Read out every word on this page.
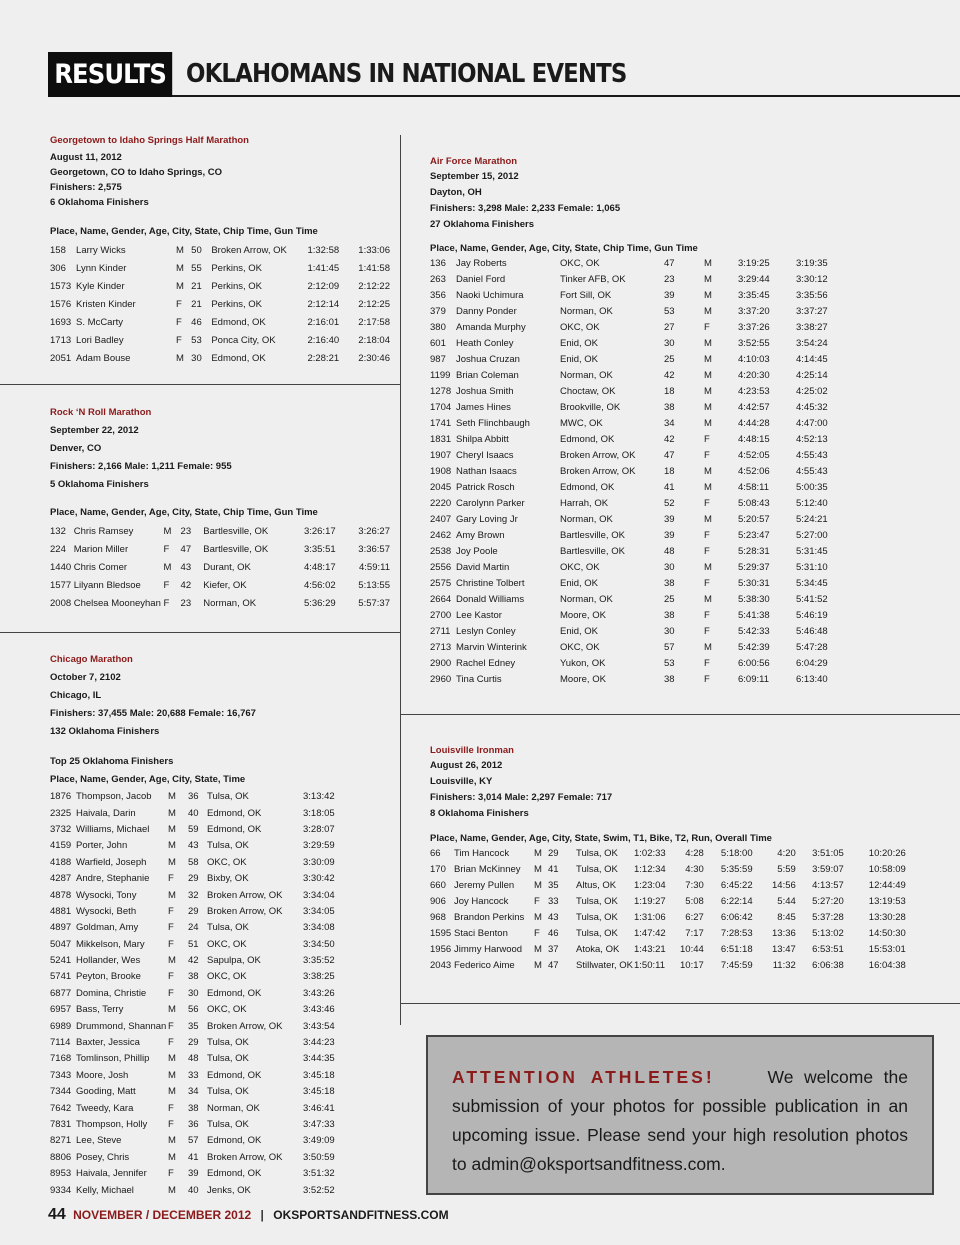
RESULTS OKLAHOMANS IN NATIONAL EVENTS
Georgetown to Idaho Springs Half Marathon
August 11, 2012
Georgetown, CO to Idaho Springs, CO
Finishers: 2,575
6 Oklahoma Finishers
Place, Name, Gender, Age, City, State, Chip Time, Gun Time
158	Larry Wicks	M	50	Broken Arrow, OK	1:32:58	1:33:06
306	Lynn Kinder	M	55	Perkins, OK	1:41:45	1:41:58
1573	Kyle Kinder	M	21	Perkins, OK	2:12:09	2:12:22
1576	Kristen Kinder	F	21	Perkins, OK	2:12:14	2:12:25
1693	S. McCarty	F	46	Edmond, OK	2:16:01	2:17:58
1713	Lori Badley	F	53	Ponca City, OK	2:16:40	2:18:04
2051	Adam Bouse	M	30	Edmond, OK	2:28:21	2:30:46
Rock ‘N Roll Marathon
September 22, 2012
Denver, CO
Finishers: 2,166 Male: 1,211 Female: 955
5 Oklahoma Finishers
Place, Name, Gender, Age, City, State, Chip Time, Gun Time
132	Chris Ramsey	M	23	Bartlesville, OK	3:26:17	3:26:27
224	Marion Miller	F	47	Bartlesville, OK	3:35:51	3:36:57
1440	Chris Comer	M	43	Durant, OK	4:48:17	4:59:11
1577	Lilyann Bledsoe	F	42	Kiefer, OK	4:56:02	5:13:55
2008	Chelsea Mooneyhan	F	23	Norman, OK	5:36:29	5:57:37
Chicago Marathon
October 7, 2102
Chicago, IL
Finishers: 37,455 Male: 20,688 Female: 16,767
132 Oklahoma Finishers
Top 25 Oklahoma Finishers
Place, Name, Gender, Age, City, State, Time
1876	Thompson, Jacob	M	36	Tulsa, OK	3:13:42
2325	Haivala, Darin	M	40	Edmond, OK	3:18:05
3732	Williams, Michael	M	59	Edmond, OK	3:28:07
4159	Porter, John	M	43	Tulsa, OK	3:29:59
4188	Warfield, Joseph	M	58	OKC, OK	3:30:09
4287	Andre, Stephanie	F	29	Bixby, OK	3:30:42
4878	Wysocki, Tony	M	32	Broken Arrow, OK	3:34:04
4881	Wysocki, Beth	F	29	Broken Arrow, OK	3:34:05
4897	Goldman, Amy	F	24	Tulsa, OK	3:34:08
5047	Mikkelson, Mary	F	51	OKC, OK	3:34:50
5241	Hollander, Wes	M	42	Sapulpa, OK	3:35:52
5741	Peyton, Brooke	F	38	OKC, OK	3:38:25
6877	Domina, Christie	F	30	Edmond, OK	3:43:26
6957	Bass, Terry	M	56	OKC, OK	3:43:46
6989	Drummond, Shannan	F	35	Broken Arrow, OK	3:43:54
7114	Baxter, Jessica	F	29	Tulsa, OK	3:44:23
7168	Tomlinson, Phillip	M	48	Tulsa, OK	3:44:35
7343	Moore, Josh	M	33	Edmond, OK	3:45:18
7344	Gooding, Matt	M	34	Tulsa, OK	3:45:18
7642	Tweedy, Kara	F	38	Norman, OK	3:46:41
7831	Thompson, Holly	F	36	Tulsa, OK	3:47:33
8271	Lee, Steve	M	57	Edmond, OK	3:49:09
8806	Posey, Chris	M	41	Broken Arrow, OK	3:50:59
8953	Haivala, Jennifer	F	39	Edmond, OK	3:51:32
9334	Kelly, Michael	M	40	Jenks, OK	3:52:52
Air Force Marathon
September 15, 2012
Dayton, OH
Finishers: 3,298 Male: 2,233 Female: 1,065
27 Oklahoma Finishers
Place, Name, Gender, Age, City, State, Chip Time, Gun Time
136	Jay Roberts	OKC, OK	47	M	3:19:25	3:19:35
263	Daniel Ford	Tinker AFB, OK	23	M	3:29:44	3:30:12
356	Naoki Uchimura	Fort Sill, OK	39	M	3:35:45	3:35:56
379	Danny Ponder	Norman, OK	53	M	3:37:20	3:37:27
380	Amanda Murphy	OKC, OK	27	F	3:37:26	3:38:27
601	Heath Conley	Enid, OK	30	M	3:52:55	3:54:24
987	Joshua Cruzan	Enid, OK	25	M	4:10:03	4:14:45
1199	Brian Coleman	Norman, OK	42	M	4:20:30	4:25:14
1278	Joshua Smith	Choctaw, OK	18	M	4:23:53	4:25:02
1704	James Hines	Brookville, OK	38	M	4:42:57	4:45:32
1741	Seth Flinchbaugh	MWC, OK	34	M	4:44:28	4:47:00
1831	Shilpa Abbitt	Edmond, OK	42	F	4:48:15	4:52:13
1907	Cheryl Isaacs	Broken Arrow, OK	47	F	4:52:05	4:55:43
1908	Nathan Isaacs	Broken Arrow, OK	18	M	4:52:06	4:55:43
2045	Patrick Rosch	Edmond, OK	41	M	4:58:11	5:00:35
2220	Carolynn Parker	Harrah, OK	52	F	5:08:43	5:12:40
2407	Gary Loving Jr	Norman, OK	39	M	5:20:57	5:24:21
2462	Amy Brown	Bartlesville, OK	39	F	5:23:47	5:27:00
2538	Joy Poole	Bartlesville, OK	48	F	5:28:31	5:31:45
2556	David Martin	OKC, OK	30	M	5:29:37	5:31:10
2575	Christine Tolbert	Enid, OK	38	F	5:30:31	5:34:45
2664	Donald Williams	Norman, OK	25	M	5:38:30	5:41:52
2700	Lee Kastor	Moore, OK	38	F	5:41:38	5:46:19
2711	Leslyn Conley	Enid, OK	30	F	5:42:33	5:46:48
2713	Marvin Winterink	OKC, OK	57	M	5:42:39	5:47:28
2900	Rachel Edney	Yukon, OK	53	F	6:00:56	6:04:29
2960	Tina Curtis	Moore, OK	38	F	6:09:11	6:13:40
Louisville Ironman
August 26, 2012
Louisville, KY
Finishers: 3,014 Male: 2,297 Female: 717
8 Oklahoma Finishers
Place, Name, Gender, Age, City, State, Swim, T1, Bike, T2, Run, Overall Time
66	Tim Hancock	M	29	Tulsa, OK	1:02:33	4:28	5:18:00	4:20	3:51:05	10:20:26
170	Brian McKinney	M	41	Tulsa, OK	1:12:34	4:30	5:35:59	5:59	3:59:07	10:58:09
660	Jeremy Pullen	M	35	Altus, OK	1:23:04	7:30	6:45:22	14:56	4:13:57	12:44:49
906	Joy Hancock	F	33	Tulsa, OK	1:19:27	5:08	6:22:14	5:44	5:27:20	13:19:53
968	Brandon Perkins	M	43	Tulsa, OK	1:31:06	6:27	6:06:42	8:45	5:37:28	13:30:28
1595	Staci Benton	F	46	Tulsa, OK	1:47:42	7:17	7:28:53	13:36	5:13:02	14:50:30
1956	Jimmy Harwood	M	37	Atoka, OK	1:43:21	10:44	6:51:18	13:47	6:53:51	15:53:01
2043	Federico Aime	M	47	Stillwater, OK	1:50:11	10:17	7:45:59	11:32	6:06:38	16:04:38
ATTENTION ATHLETES!	We welcome the submission of your photos for possible publication in an upcoming issue. Please send your high resolution photos to admin@oksportsandfitness.com.
44 NOVEMBER / DECEMBER 2012 | OKSPORTSANDFITNESS.COM
